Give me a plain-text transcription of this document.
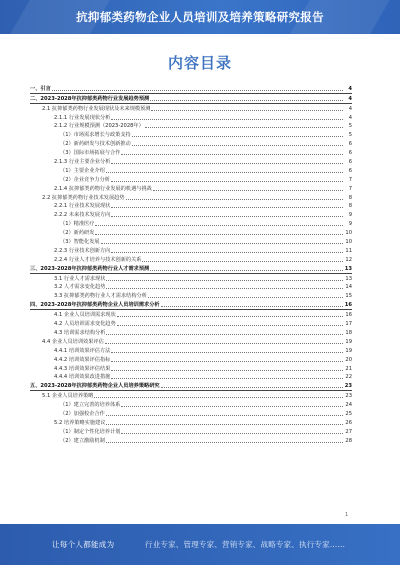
抗抑郁类药物企业人员培训及培养策略研究报告
内容目录
一、引言	4
二、2023-2028年抗抑郁类药物行业发展趋势预测	4
2.1 抗抑郁类药物行业发展现状及未来规模预测	4
2.1.1 行业发展现状分析	4
2.1.2 行业规模预测（2023-2028年）	5
（1）市场需求增长与政策支持	5
（2）新药研发与技术创新推动	6
（3）国际市场拓展与合作	6
2.1.3 行业主要企业分析	6
（1）主要企业介绍	6
（2）企业竞争力分析	7
2.1.4 抗抑郁类药物行业发展的机遇与挑战	7
2.2 抗抑郁类药物行业技术发展趋势	8
2.2.1 行业技术发展现状	8
2.2.2 未来技术发展方向	9
（1）精准医疗	9
（2）新药研发	10
（3）智能化发展	10
2.2.3 行业技术创新方向	11
2.2.4 行业人才培养与技术创新的关系	12
三、2023-2028年抗抑郁类药物行业人才需求预测	13
3.1 行业人才需求现状	13
3.2 人才需求变化趋势	14
3.3 抗抑郁类药物行业人才需求结构分析	15
四、2023-2028年抗抑郁类药物企业人员培训需求分析	16
4.1 企业人员培训需求现状	16
4.2 人员培训需求变化趋势	17
4.3 培训需求结构分析	18
4.4 企业人员培训效果评估	19
4.4.1 培训效果评估方法	19
4.4.2 培训效果评估指标	20
4.4.3 培训效果评估结果	21
4.4.4 培训效果改进措施	22
五、2023-2028年抗抑郁类药物企业人员培养策略研究	23
5.1 企业人员培养策略	23
（1）建立完善的培养体系	24
（2）加强校企合作	25
5.2 培养策略实施建议	26
（1）制定个性化培养计划	27
（2）建立激励机制	28
1
让每个人都能成为	行业专家、管理专家、营销专家、战略专家、执行专家……
